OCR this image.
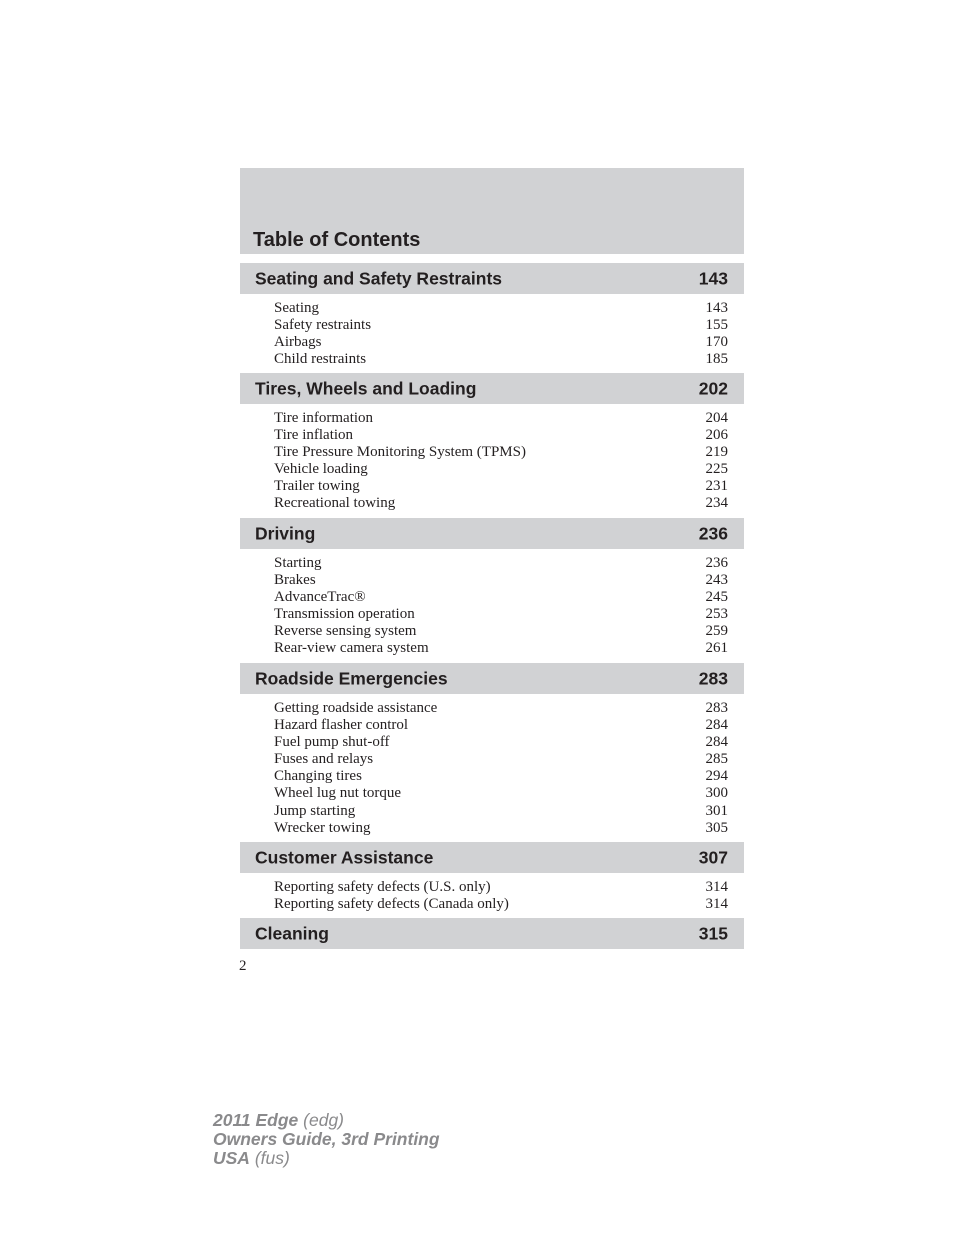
Table of Contents
Seating and Safety Restraints	143
Seating	143
Safety restraints	155
Airbags	170
Child restraints	185
Tires, Wheels and Loading	202
Tire information	204
Tire inflation	206
Tire Pressure Monitoring System (TPMS)	219
Vehicle loading	225
Trailer towing	231
Recreational towing	234
Driving	236
Starting	236
Brakes	243
AdvanceTrac®	245
Transmission operation	253
Reverse sensing system	259
Rear-view camera system	261
Roadside Emergencies	283
Getting roadside assistance	283
Hazard flasher control	284
Fuel pump shut-off	284
Fuses and relays	285
Changing tires	294
Wheel lug nut torque	300
Jump starting	301
Wrecker towing	305
Customer Assistance	307
Reporting safety defects (U.S. only)	314
Reporting safety defects (Canada only)	314
Cleaning	315
2
2011 Edge (edg)
Owners Guide, 3rd Printing
USA (fus)
